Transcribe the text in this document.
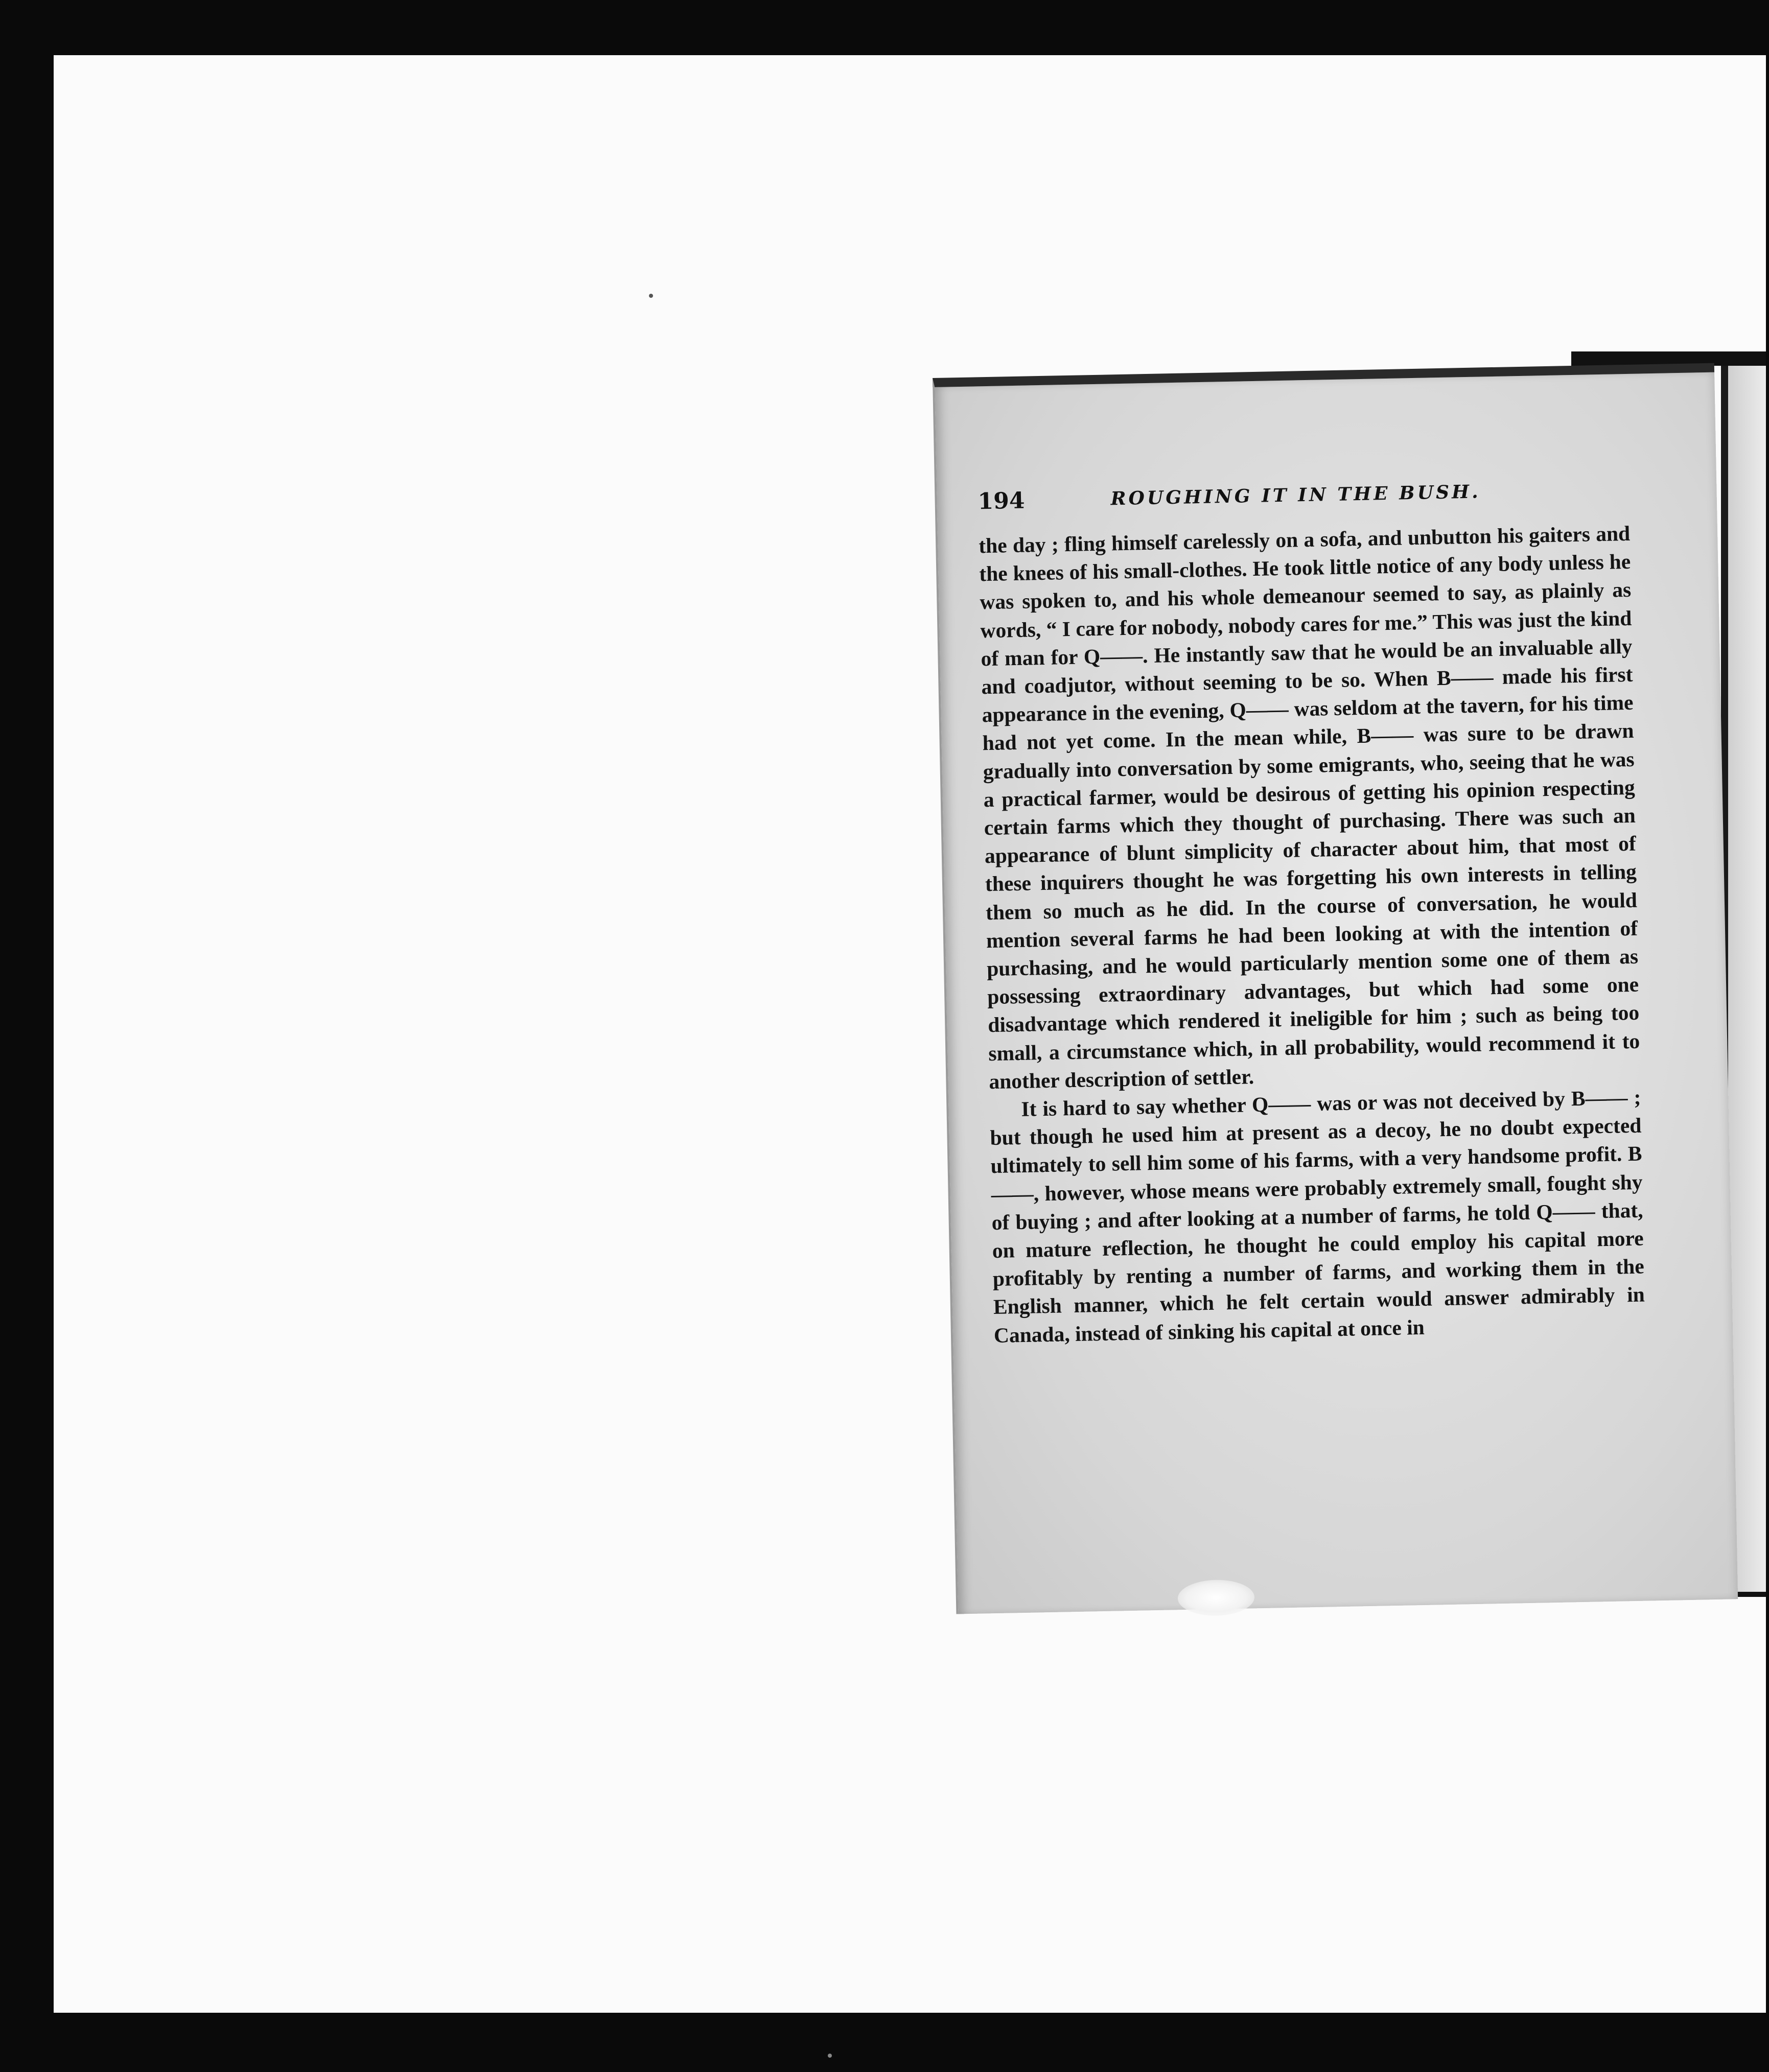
194	ROUGHING IT IN THE BUSH.

the day ; fling himself carelessly on a sofa, and unbutton his gaiters and the knees of his small-clothes. He took little notice of any body unless he was spoken to, and his whole demeanour seemed to say, as plainly as words, “ I care for nobody, nobody cares for me.” This was just the kind of man for Q——. He instantly saw that he would be an invaluable ally and coadjutor, without seeming to be so. When B—— made his first appearance in the evening, Q—— was seldom at the tavern, for his time had not yet come. In the mean while, B—— was sure to be drawn gradually into conversation by some emigrants, who, seeing that he was a practical farmer, would be desirous of getting his opinion respecting certain farms which they thought of purchasing. There was such an appearance of blunt simplicity of character about him, that most of these inquirers thought he was forgetting his own interests in telling them so much as he did. In the course of conversation, he would mention several farms he had been looking at with the intention of purchasing, and he would particularly mention some one of them as possessing extraordinary advantages, but which had some one disadvantage which rendered it ineligible for him ; such as being too small, a circumstance which, in all probability, would recommend it to another description of settler.

It is hard to say whether Q—— was or was not deceived by B—— ; but though he used him at present as a decoy, he no doubt expected ultimately to sell him some of his farms, with a very handsome profit. B——, however, whose means were probably extremely small, fought shy of buying ; and after looking at a number of farms, he told Q—— that, on mature reflection, he thought he could employ his capital more profitably by renting a number of farms, and working them in the English manner, which he felt certain would answer admirably in Canada, instead of sinking his capital at once in
